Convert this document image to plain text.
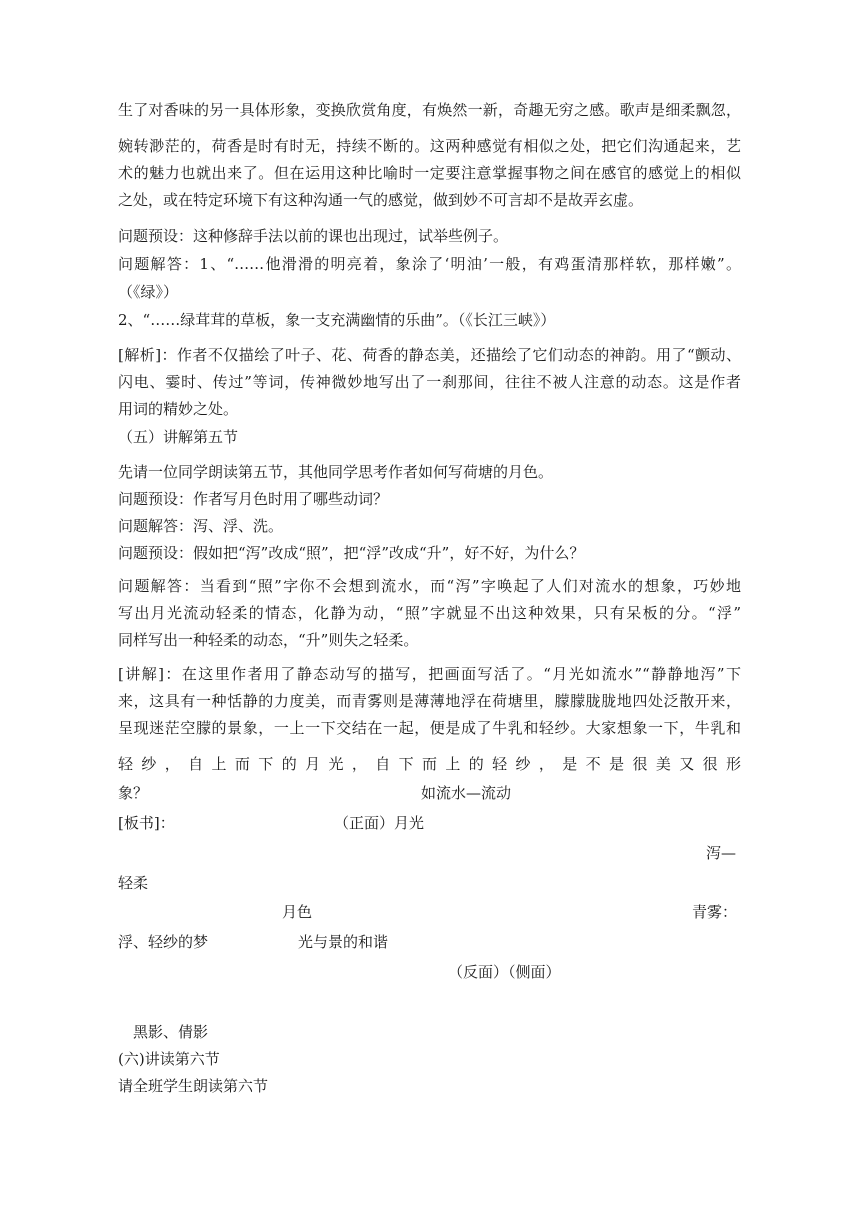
生了对香味的另一具体形象，变换欣赏角度，有焕然一新，奇趣无穷之感。歌声是细柔飘忽，
婉转渺茫的，荷香是时有时无，持续不断的。这两种感觉有相似之处，把它们沟通起来，艺
术的魅力也就出来了。但在运用这种比喻时一定要注意掌握事物之间在感官的感觉上的相似
之处，或在特定环境下有这种沟通一气的感觉，做到妙不可言却不是故弄玄虚。
问题预设：这种修辞手法以前的课也出现过，试举些例子。
问题解答：1、“……他滑滑的明亮着，象涂了‘明油’一般，有鸡蛋清那样软，那样嫩”。
（《绿》）
2、“……绿茸茸的草板，象一支充满幽情的乐曲”。（《长江三峡》）
[解析]：作者不仅描绘了叶子、花、荷香的静态美，还描绘了它们动态的神韵。用了“颤动、
闪电、霎时、传过”等词，传神微妙地写出了一刹那间，往往不被人注意的动态。这是作者
用词的精妙之处。
（五）讲解第五节
先请一位同学朗读第五节，其他同学思考作者如何写荷塘的月色。
问题预设：作者写月色时用了哪些动词？
问题解答：泻、浮、洗。
问题预设：假如把“泻”改成“照”，把“浮”改成“升”，好不好，为什么？
问题解答：当看到“照”字你不会想到流水，而“泻”字唤起了人们对流水的想象，巧妙地
写出月光流动轻柔的情态，化静为动，“照”字就显不出这种效果，只有呆板的分。“浮”
同样写出一种轻柔的动态，“升”则失之轻柔。
[讲解]：在这里作者用了静态动写的描写，把画面写活了。“月光如流水”“静静地泻”下
来，这具有一种恬静的力度美，而青雾则是薄薄地浮在荷塘里，朦朦胧胧地四处泛散开来，
呈现迷茫空朦的景象，一上一下交结在一起，便是成了牛乳和轻纱。大家想象一下，牛乳和
轻 纱 ， 自 上 而 下 的 月 光 ， 自 下 而 上 的 轻 纱 ， 是 不 是 很 美 又 很 形
象？	如流水—流动
[板书]：	（正面）月光
泻—
轻柔
月色	青雾：
浮、轻纱的梦	光与景的和谐
（反面）（侧面）
黑影、倩影
(六)讲读第六节
请全班学生朗读第六节
